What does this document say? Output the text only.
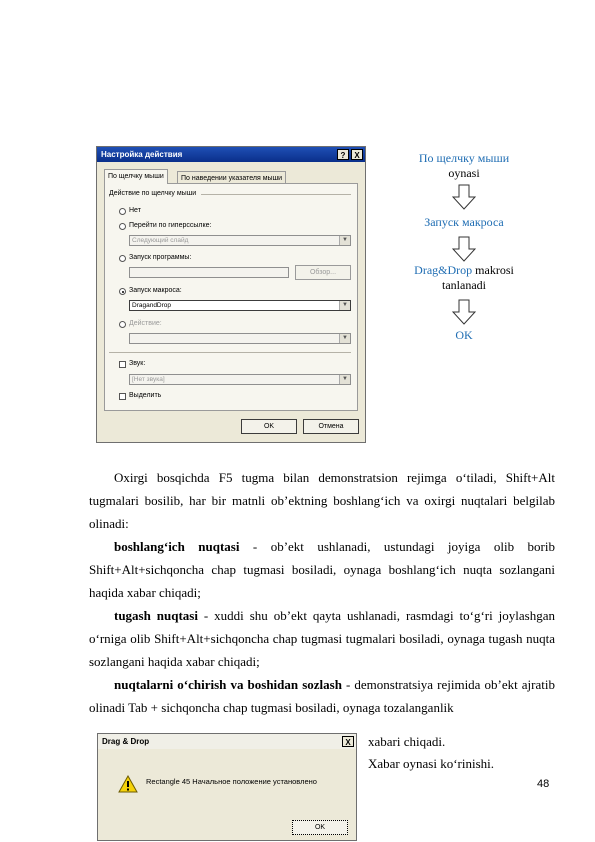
Настройка действия	?	X
По щелчку мыши	По наведении указателя мыши
Действие по щелчку мыши
Нет
Перейти по гиперссылке:
Следующий слайд	▼
Запуск программы:
Обзор...
Запуск макроса:
DragandDrop	▼
Действие:
▼
Звук:
[Нет звука]	▼
Выделить
OK	Отмена
По щелчку мыши
oynasi
Запуск макроса
Drag&Drop makrosi
tanlanadi
OK
Oxirgi bosqichda F5 tugma bilan demonstratsion rejimga o‘tiladi, Shift+Alt tugmalari bosilib, har bir matnli ob’ektning boshlang‘ich va oxirgi nuqtalari belgilab olinadi:
boshlang‘ich nuqtasi - ob’ekt ushlanadi, ustundagi joyiga olib borib Shift+Alt+sichqoncha chap tugmasi bosiladi, oynaga boshlang‘ich nuqta sozlangani haqida xabar chiqadi;
tugash nuqtasi - xuddi shu ob’ekt qayta ushlanadi, rasmdagi to‘g‘ri joylashgan o‘rniga olib Shift+Alt+sichqoncha chap tugmasi tugmalari bosiladi, oynaga tugash nuqta sozlangani haqida xabar chiqadi;
nuqtalarni o‘chirish va boshidan sozlash - demonstratsiya rejimida ob’ekt ajratib olinadi Tab + sichqoncha chap tugmasi bosiladi, oynaga tozalanganlik
xabari chiqadi.
Xabar oynasi ko‘rinishi.
48
Drag & Drop	X
Rectangle 45 Начальное положение установлено
OK
